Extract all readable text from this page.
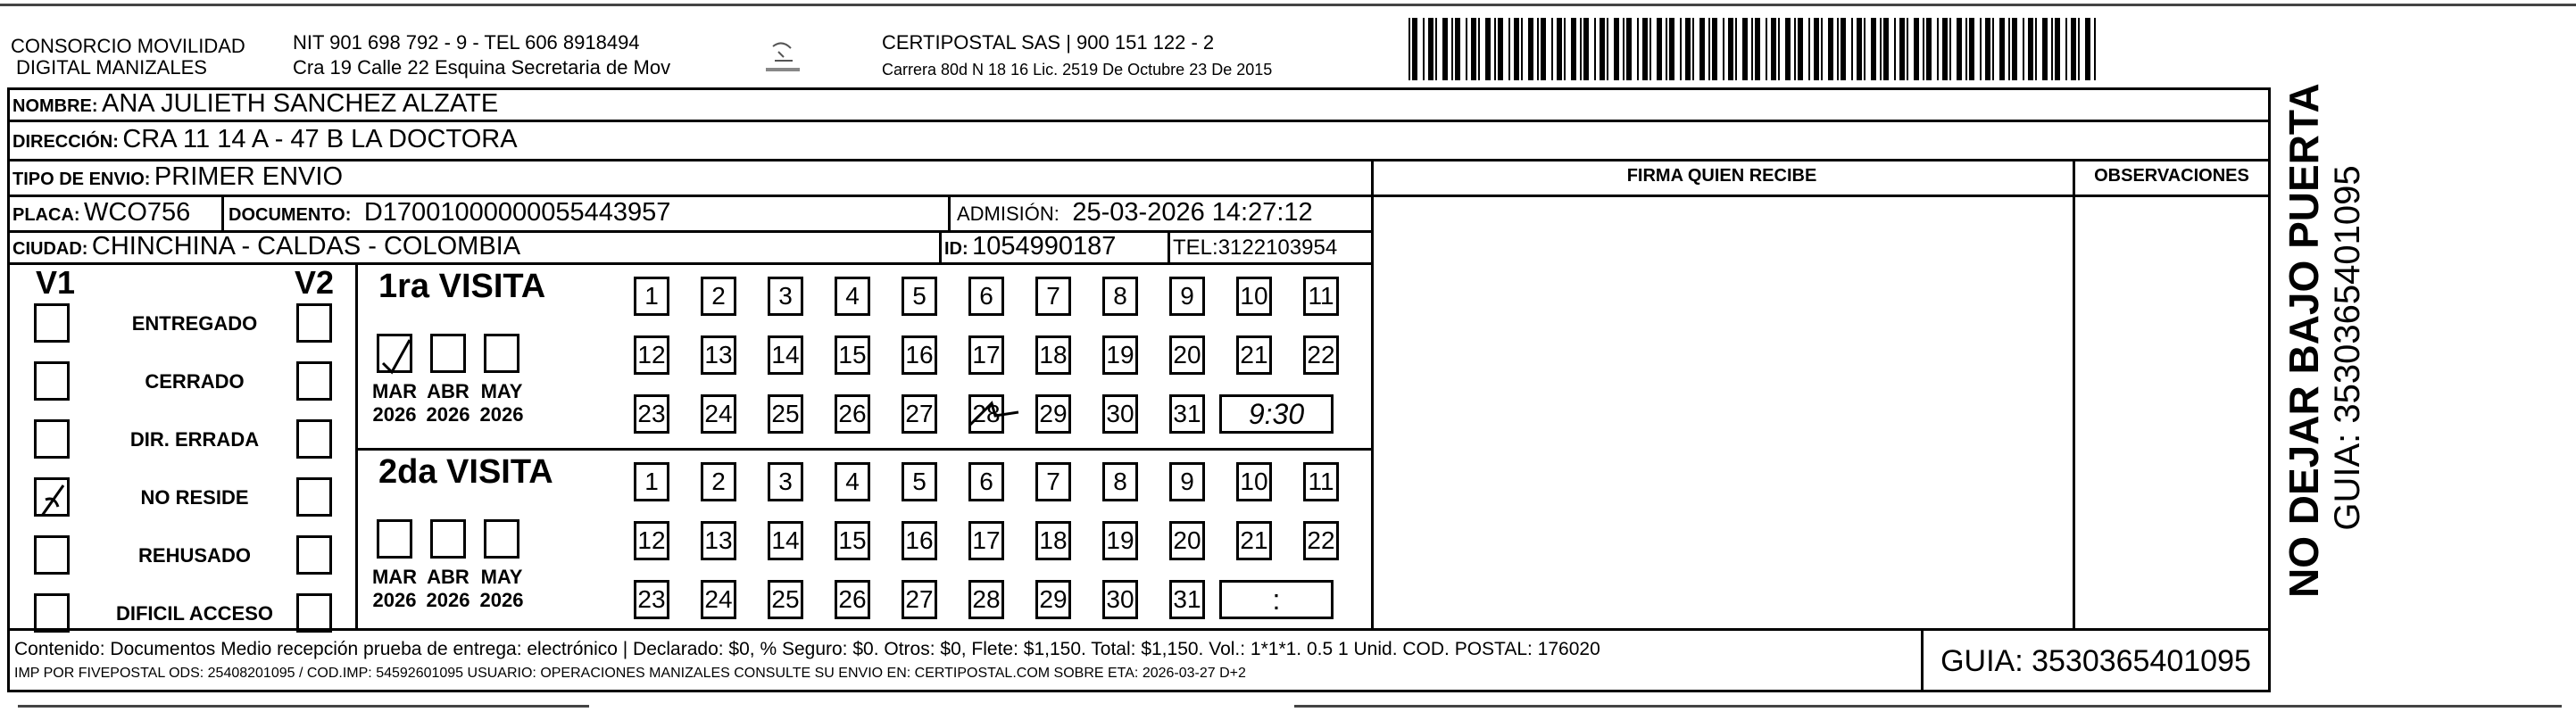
CONSORCIO MOVILIDAD
DIGITAL MANIZALES
NIT 901 698 792 - 9 - TEL 606 8918494
Cra 19 Calle 22 Esquina Secretaria de Mov
CERTIPOSTAL SAS | 900 151 122 - 2
Carrera 80d N 18 16 Lic. 2519 De Octubre 23 De 2015
NOMBRE: ANA JULIETH SANCHEZ ALZATE
DIRECCIÓN: CRA 11 14 A - 47 B LA DOCTORA
TIPO DE ENVIO: PRIMER ENVIO	FIRMA QUIEN RECIBE	OBSERVACIONES
PLACA: WCO756 DOCUMENTO: D17001000000055443957	ADMISIÓN: 25-03-2026 14:27:12
CIUDAD: CHINCHINA - CALDAS - COLOMBIA	ID: 1054990187	TEL:3122103954
V1	V2
ENTREGADO
CERRADO
DIR. ERRADA
NO RESIDE
REHUSADO
DIFICIL ACCESO
1ra VISITA
MAR
2026
ABR
2026
MAY
2026
1	2	3	4	5	6	7	8	9	10 11
12 13 14 15 16 17 18 19 20 21 22
23 24 25 26 27 28 29 30 31	9:30
2da VISITA
MAR
2026
ABR
2026
MAY
2026
1	2	3	4	5	6	7	8	9	10 11
12 13 14 15 16 17 18 19 20 21 22
23 24 25 26 27 28 29 30 31	:
Contenido: Documentos Medio recepción prueba de entrega: electrónico | Declarado: $0, % Seguro: $0. Otros: $0, Flete: $1,150. Total: $1,150. Vol.: 1*1*1. 0.5 1 Unid. COD. POSTAL: 176020
IMP POR FIVEPOSTAL ODS: 25408201095 / COD.IMP: 54592601095 USUARIO: OPERACIONES MANIZALES CONSULTE SU ENVIO EN: CERTIPOSTAL.COM SOBRE ETA: 2026-03-27 D+2	GUIA: 3530365401095
NO DEJAR BAJO PUERTA GUIA: 3530365401095
